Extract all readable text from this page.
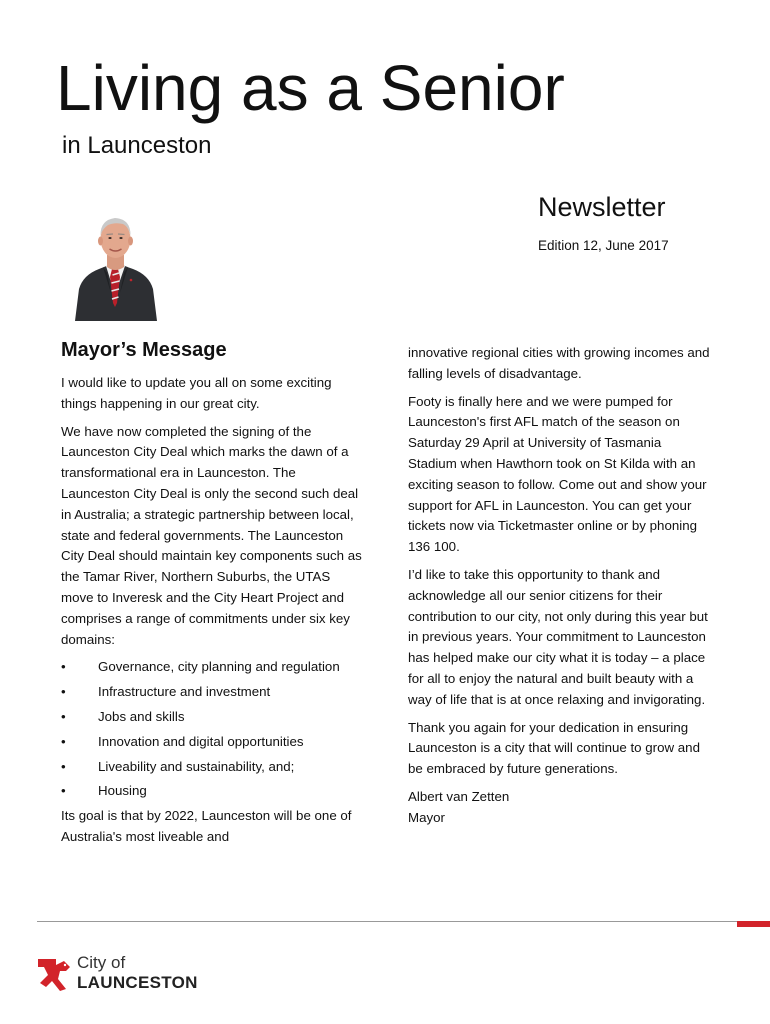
Living as a Senior
in Launceston
Newsletter
Edition 12, June 2017
Mayor’s Message

I would like to update you all on some exciting things happening in our great city.

We have now completed the signing of the Launceston City Deal which marks the dawn of a transformational era in Launceston. The Launceston City Deal is only the second such deal in Australia; a strategic partnership between local, state and federal governments. The Launceston City Deal should maintain key components such as the Tamar River, Northern Suburbs, the UTAS move to Inveresk and the City Heart Project and comprises a range of commitments under six key domains:

•	Governance, city planning and regulation
•	Infrastructure and investment
•	Jobs and skills
•	Innovation and digital opportunities
•	Liveability and sustainability, and;
•	Housing

Its goal is that by 2022, Launceston will be one of Australia's most liveable and

innovative regional cities with growing incomes and falling levels of disadvantage.

Footy is finally here and we were pumped for Launceston's first AFL match of the season on Saturday 29 April at University of Tasmania Stadium when Hawthorn took on St Kilda with an exciting season to follow. Come out and show your support for AFL in Launceston. You can get your tickets now via Ticketmaster online or by phoning 136 100.

I’d like to take this opportunity to thank and acknowledge all our senior citizens for their contribution to our city, not only during this year but in previous years. Your commitment to Launceston has helped make our city what it is today – a place for all to enjoy the natural and built beauty with a way of life that is at once relaxing and invigorating.

Thank you again for your dedication in ensuring Launceston is a city that will continue to grow and be embraced by future generations.

Albert van Zetten
Mayor
City of
LAUNCESTON
